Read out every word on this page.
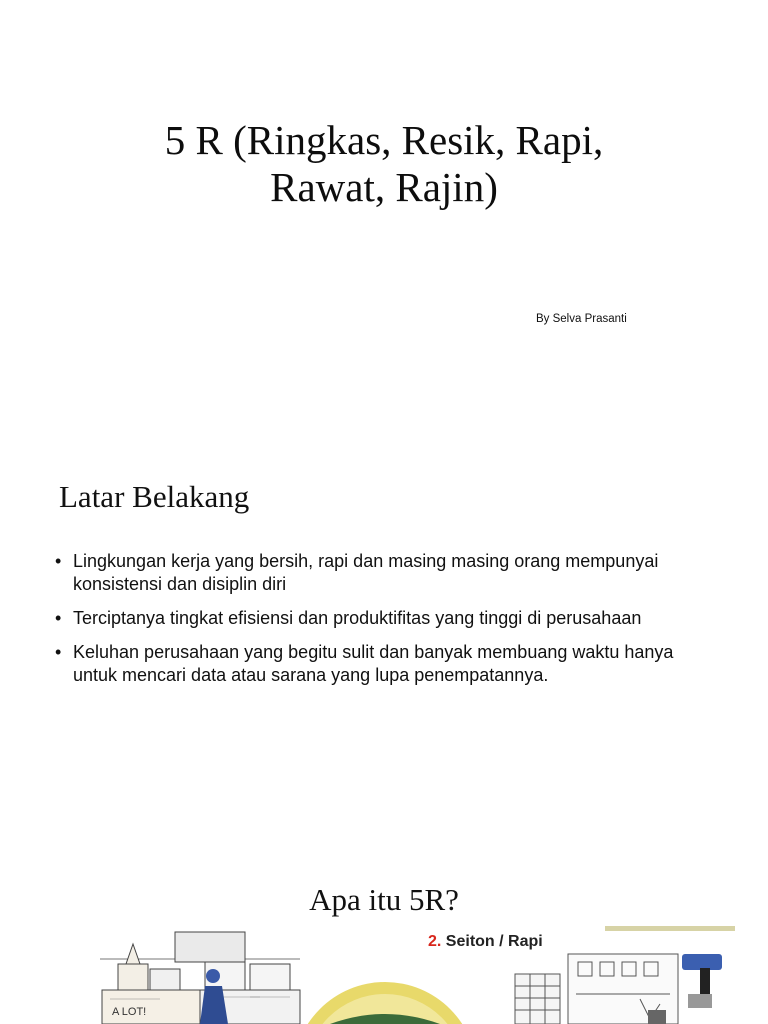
5 R (Ringkas, Resik, Rapi,
Rawat, Rajin)

By Selva Prasanti

Latar Belakang
• Lingkungan kerja yang bersih, rapi dan masing masing orang mempunyai konsistensi dan disiplin diri
• Terciptanya tingkat efisiensi dan produktifitas yang tinggi di perusahaan
• Keluhan perusahaan yang begitu sulit dan banyak membuang waktu hanya untuk mencari data atau sarana yang lupa penempatannya.
Apa itu 5R?
A LOT!
2. Seiton / Rapi
